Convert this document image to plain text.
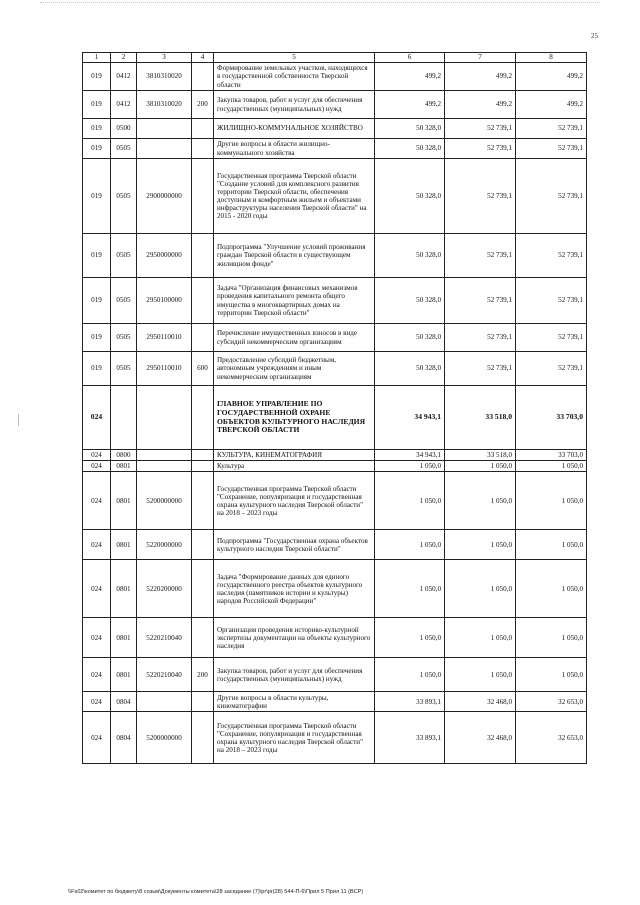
25
1	2	3	4	5	6	7	8
019	0412	3810310020		Формирование земельных участков, находящихся в государственной собственности Тверской области	499,2	499,2	499,2
019	0412	3810310020	200	Закупка товаров, работ и услуг для обеспечения государственных (муниципальных) нужд	499,2	499,2	499,2
019	0500			ЖИЛИЩНО-КОММУНАЛЬНОЕ ХОЗЯЙСТВО	50 328,0	52 739,1	52 739,1
019	0505			Другие вопросы в области жилищно-коммунального хозяйства	50 328,0	52 739,1	52 739,1
019	0505	2900000000		Государственная программа Тверской области "Создание условий для комплексного развития территории Тверской области, обеспечения доступным и комфортным жильем и объектами инфраструктуры населения Тверской области" на 2015 - 2020 годы	50 328,0	52 739,1	52 739,1
019	0505	2950000000		Подпрограмма "Улучшение условий проживания граждан Тверской области в существующем жилищном фонде"	50 328,0	52 739,1	52 739,1
019	0505	2950100000		Задача "Организация финансовых механизмов проведения капитального ремонта общего имущества в многоквартирных домах на территории Тверской области"	50 328,0	52 739,1	52 739,1
019	0505	2950110010		Перечисление имущественных взносов в виде субсидий некоммерческим организациям	50 328,0	52 739,1	52 739,1
019	0505	2950110010	600	Предоставление субсидий бюджетным, автономным учреждениям и иным некоммерческим организациям	50 328,0	52 739,1	52 739,1
024				ГЛАВНОЕ УПРАВЛЕНИЕ ПО ГОСУДАРСТВЕННОЙ ОХРАНЕ ОБЪЕКТОВ КУЛЬТУРНОГО НАСЛЕДИЯ ТВЕРСКОЙ ОБЛАСТИ	34 943,1	33 518,0	33 703,0
024	0800			КУЛЬТУРА, КИНЕМАТОГРАФИЯ	34 943,1	33 518,0	33 703,0
024	0801			Культура	1 050,0	1 050,0	1 050,0
024	0801	5200000000		Государственная программа Тверской области "Сохранение, популяризация и государственная охрана культурного наследия Тверской области" на 2018 – 2023 годы	1 050,0	1 050,0	1 050,0
024	0801	5220000000		Подпрограмма "Государственная охрана объектов культурного наследия Тверской области"	1 050,0	1 050,0	1 050,0
024	0801	5220200000		Задача "Формирование данных для единого государственного реестра объектов культурного наследия (памятников истории и культуры) народов Российской Федерации"	1 050,0	1 050,0	1 050,0
024	0801	5220210040		Организация проведения историко-культурной экспертизы документации на объекты культурного наследия	1 050,0	1 050,0	1 050,0
024	0801	5220210040	200	Закупка товаров, работ и услуг для обеспечения государственных (муниципальных) нужд	1 050,0	1 050,0	1 050,0
024	0804			Другие вопросы в области культуры, кинематографии	33 893,1	32 468,0	32 653,0
024	0804	5200000000		Государственная программа Тверской области "Сохранение, популяризация и государственная охрана культурного наследия Тверской области" на 2018 – 2023 годы	33 893,1	32 468,0	32 653,0
\\Fs02\комитет по бюджету\8 созыв\Документы комитета\28 заседание (7)\pr\pr(28) 544-П-6\Прил 5 Прил 11 (ВСР)
